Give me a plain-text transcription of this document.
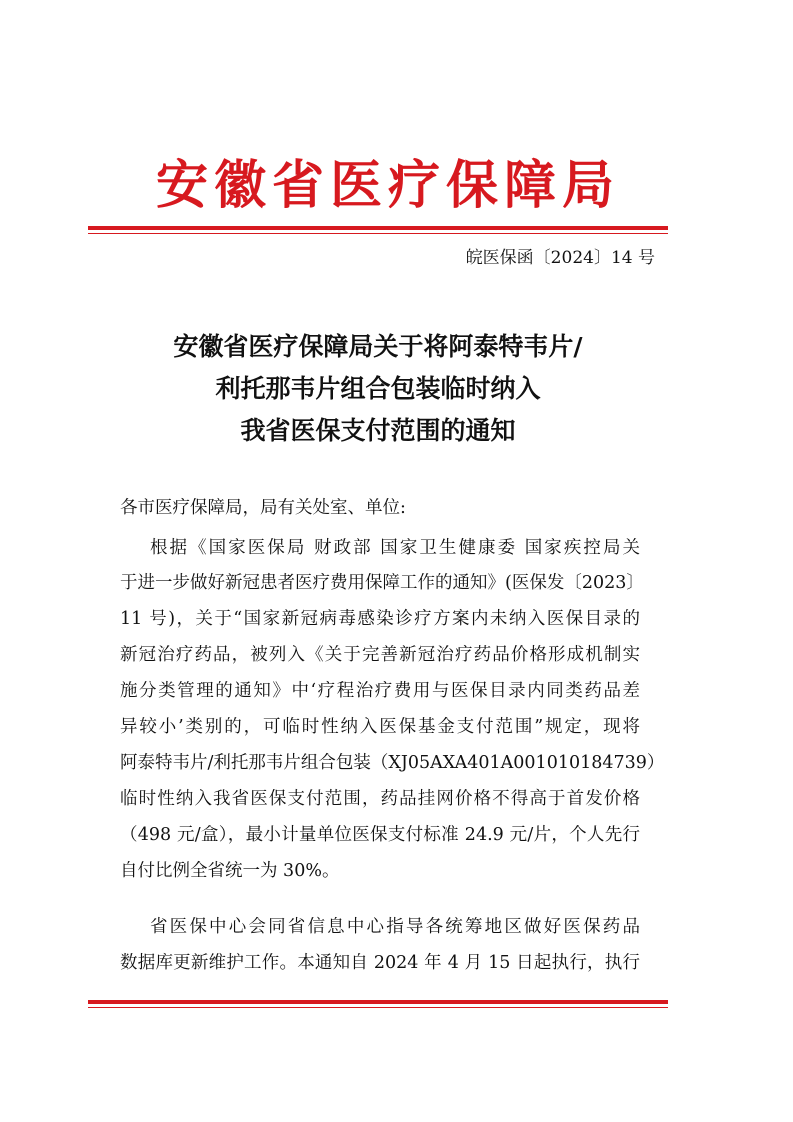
安徽省医疗保障局
皖医保函〔2024〕14 号
安徽省医疗保障局关于将阿泰特韦片/
利托那韦片组合包装临时纳入
我省医保支付范围的通知
各市医疗保障局，局有关处室、单位:
根据《国家医保局 财政部 国家卫生健康委 国家疾控局关
于进一步做好新冠患者医疗费用保障工作的通知》(医保发〔2023〕
11 号)，关于“国家新冠病毒感染诊疗方案内未纳入医保目录的
新冠治疗药品，被列入《关于完善新冠治疗药品价格形成机制实
施分类管理的通知》中‘疗程治疗费用与医保目录内同类药品差
异较小’类别的，可临时性纳入医保基金支付范围”规定，现将
阿泰特韦片/利托那韦片组合包装（XJ05AXA401A001010184739）
临时性纳入我省医保支付范围，药品挂网价格不得高于首发价格
（498 元/盒），最小计量单位医保支付标准 24.9 元/片，个人先行
自付比例全省统一为 30%。
省医保中心会同省信息中心指导各统筹地区做好医保药品
数据库更新维护工作。本通知自 2024 年 4 月 15 日起执行，执行
